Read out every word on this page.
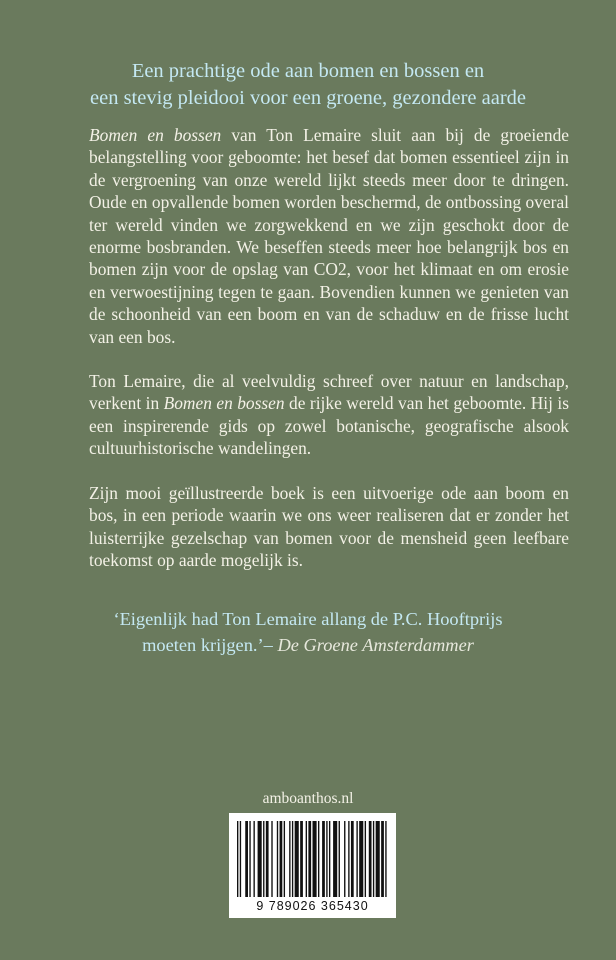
Een prachtige ode aan bomen en bossen en
een stevig pleidooi voor een groene, gezondere aarde

Bomen en bossen van Ton Lemaire sluit aan bij de groeiende belangstelling voor geboomte: het besef dat bomen essentieel zijn in de vergroening van onze wereld lijkt steeds meer door te dringen. Oude en opvallende bomen worden beschermd, de ontbossing overal ter wereld vinden we zorgwekkend en we zijn geschokt door de enorme bosbranden. We beseffen steeds meer hoe belangrijk bos en bomen zijn voor de opslag van CO2, voor het klimaat en om erosie en verwoestijning tegen te gaan. Bovendien kunnen we genieten van de schoonheid van een boom en van de schaduw en de frisse lucht van een bos.

Ton Lemaire, die al veelvuldig schreef over natuur en landschap, verkent in Bomen en bossen de rijke wereld van het geboomte. Hij is een inspirerende gids op zowel botanische, geografische alsook cultuurhistorische wandelingen.

Zijn mooi geïllustreerde boek is een uitvoerige ode aan boom en bos, in een periode waarin we ons weer realiseren dat er zonder het luisterrijke gezelschap van bomen voor de mensheid geen leefbare toekomst op aarde mogelijk is.

‘Eigenlijk had Ton Lemaire allang de P.C. Hooftprijs
moeten krijgen.’– De Groene Amsterdammer
amboanthos.nl
9 789026 365430
